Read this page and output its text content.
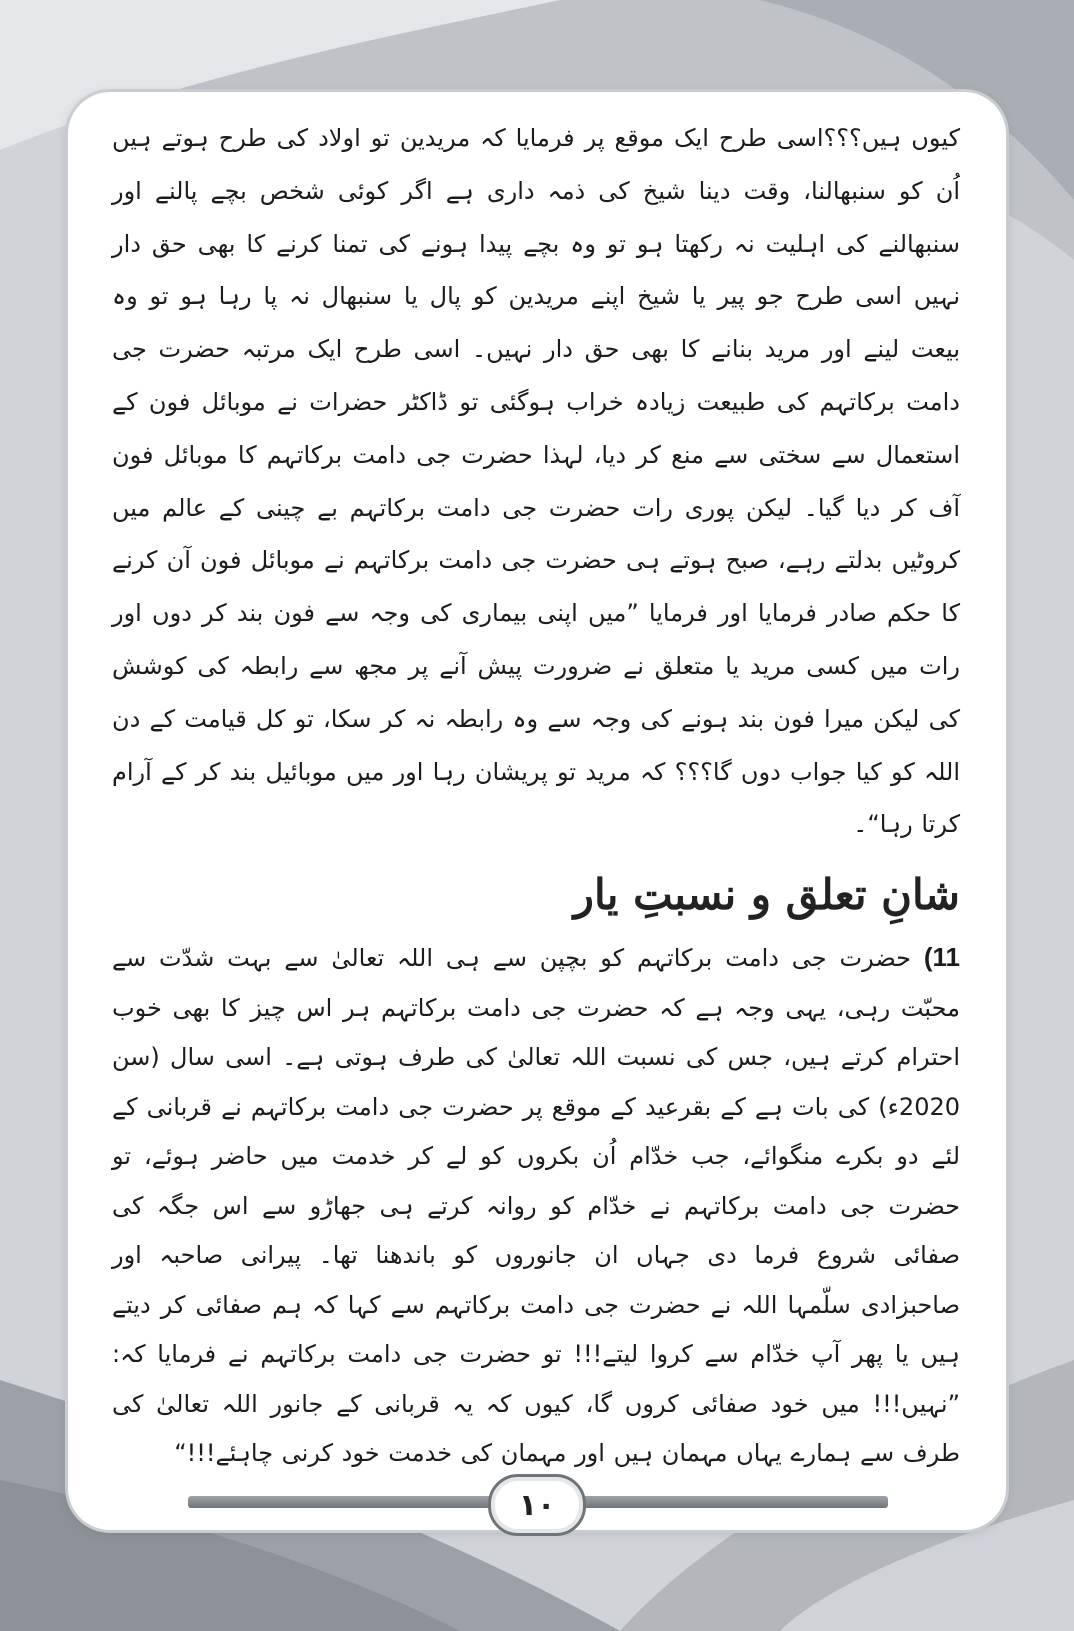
کیوں ہیں؟؟؟اسی طرح ایک موقع پر فرمایا کہ مریدین تو اولاد کی طرح ہوتے ہیں اُن کو سنبھالنا، وقت دینا شیخ کی ذمہ داری ہے اگر کوئی شخص بچے پالنے اور سنبھالنے کی اہلیت نہ رکھتا ہو تو وہ بچے پیدا ہونے کی تمنا کرنے کا بھی حق دار نہیں اسی طرح جو پیر یا شیخ اپنے مریدین کو پال یا سنبھال نہ پا رہا ہو تو وہ بیعت لینے اور مرید بنانے کا بھی حق دار نہیں۔ اسی طرح ایک مرتبہ حضرت جی دامت برکاتہم کی طبیعت زیادہ خراب ہوگئی تو ڈاکٹر حضرات نے موبائل فون کے استعمال سے سختی سے منع کر دیا، لہذا حضرت جی دامت برکاتہم کا موبائل فون آف کر دیا گیا۔ لیکن پوری رات حضرت جی دامت برکاتہم بے چینی کے عالم میں کروٹیں بدلتے رہے، صبح ہوتے ہی حضرت جی دامت برکاتہم نے موبائل فون آن کرنے کا حکم صادر فرمایا اور فرمایا ”میں اپنی بیماری کی وجہ سے فون بند کر دوں اور رات میں کسی مرید یا متعلق نے ضرورت پیش آنے پر مجھ سے رابطہ کی کوشش کی لیکن میرا فون بند ہونے کی وجہ سے وہ رابطہ نہ کر سکا، تو کل قیامت کے دن اللہ کو کیا جواب دوں گا؟؟؟ کہ مرید تو پریشان رہا اور میں موبائیل بند کر کے آرام کرتا رہا“۔

شانِ تعلق و نسبتِ یار

11) حضرت جی دامت برکاتہم کو بچپن سے ہی اللہ تعالیٰ سے بہت شدّت سے محبّت رہی، یہی وجہ ہے کہ حضرت جی دامت برکاتہم ہر اس چیز کا بھی خوب احترام کرتے ہیں، جس کی نسبت اللہ تعالیٰ کی طرف ہوتی ہے۔ اسی سال (سن 2020ء) کی بات ہے کے بقرعید کے موقع پر حضرت جی دامت برکاتہم نے قربانی کے لئے دو بکرے منگوائے، جب خدّام اُن بکروں کو لے کر خدمت میں حاضر ہوئے، تو حضرت جی دامت برکاتہم نے خدّام کو روانہ کرتے ہی جھاڑو سے اس جگہ کی صفائی شروع فرما دی جہاں ان جانوروں کو باندھنا تھا۔ پیرانی صاحبہ اور صاحبزادی سلّمہا اللہ نے حضرت جی دامت برکاتہم سے کہا کہ ہم صفائی کر دیتے ہیں یا پھر آپ خدّام سے کروا لیتے!!! تو حضرت جی دامت برکاتہم نے فرمایا کہ: ”نہیں!!! میں خود صفائی کروں گا، کیوں کہ یہ قربانی کے جانور اللہ تعالیٰ کی طرف سے ہمارے یہاں مہمان ہیں اور مہمان کی خدمت خود کرنی چاہئے!!!“

۱۰
